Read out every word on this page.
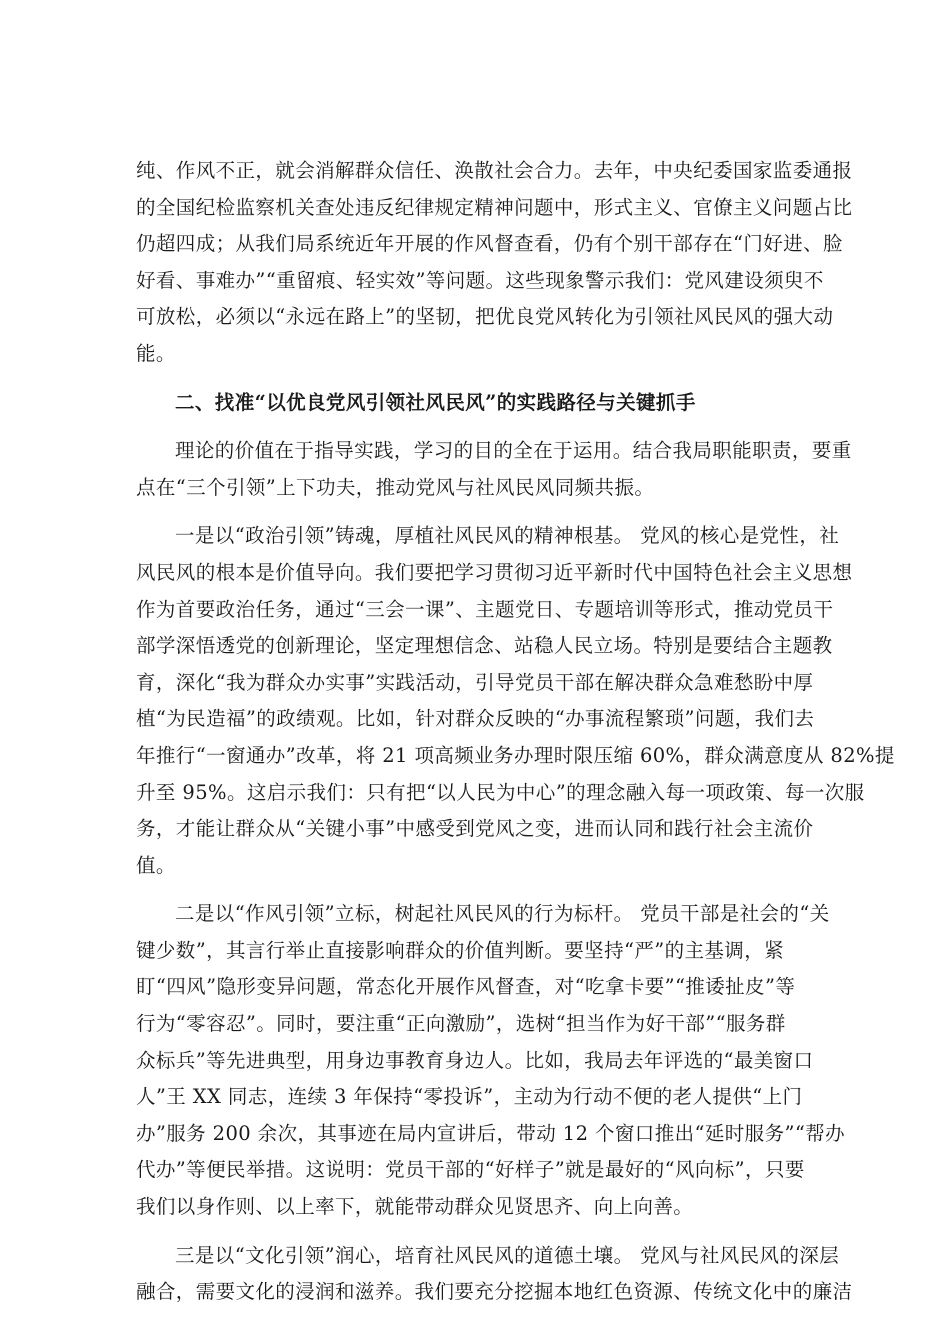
纯、作风不正，就会消解群众信任、涣散社会合力。去年，中央纪委国家监委通报
的全国纪检监察机关查处违反纪律规定精神问题中，形式主义、官僚主义问题占比
仍超四成；从我们局系统近年开展的作风督查看，仍有个别干部存在“门好进、脸
好看、事难办”“重留痕、轻实效”等问题。这些现象警示我们：党风建设须臾不
可放松，必须以“永远在路上”的坚韧，把优良党风转化为引领社风民风的强大动
能。

二、找准“以优良党风引领社风民风”的实践路径与关键抓手

理论的价值在于指导实践，学习的目的全在于运用。结合我局职能职责，要重
点在“三个引领”上下功夫，推动党风与社风民风同频共振。

一是以“政治引领”铸魂，厚植社风民风的精神根基。 党风的核心是党性，社
风民风的根本是价值导向。我们要把学习贯彻习近平新时代中国特色社会主义思想
作为首要政治任务，通过“三会一课”、主题党日、专题培训等形式，推动党员干
部学深悟透党的创新理论，坚定理想信念、站稳人民立场。特别是要结合主题教
育，深化“我为群众办实事”实践活动，引导党员干部在解决群众急难愁盼中厚
植“为民造福”的政绩观。比如，针对群众反映的“办事流程繁琐”问题，我们去
年推行“一窗通办”改革，将 21 项高频业务办理时限压缩 60%，群众满意度从 82%提
升至 95%。这启示我们：只有把“以人民为中心”的理念融入每一项政策、每一次服
务，才能让群众从“关键小事”中感受到党风之变，进而认同和践行社会主流价
值。

二是以“作风引领”立标，树起社风民风的行为标杆。 党员干部是社会的“关
键少数”，其言行举止直接影响群众的价值判断。要坚持“严”的主基调，紧
盯“四风”隐形变异问题，常态化开展作风督查，对“吃拿卡要”“推诿扯皮”等
行为“零容忍”。同时，要注重“正向激励”，选树“担当作为好干部”“服务群
众标兵”等先进典型，用身边事教育身边人。比如，我局去年评选的“最美窗口
人”王 XX 同志，连续 3 年保持“零投诉”，主动为行动不便的老人提供“上门
办”服务 200 余次，其事迹在局内宣讲后，带动 12 个窗口推出“延时服务”“帮办
代办”等便民举措。这说明：党员干部的“好样子”就是最好的“风向标”，只要
我们以身作则、以上率下，就能带动群众见贤思齐、向上向善。

三是以“文化引领”润心，培育社风民风的道德土壤。 党风与社风民风的深层
融合，需要文化的浸润和滋养。我们要充分挖掘本地红色资源、传统文化中的廉洁
